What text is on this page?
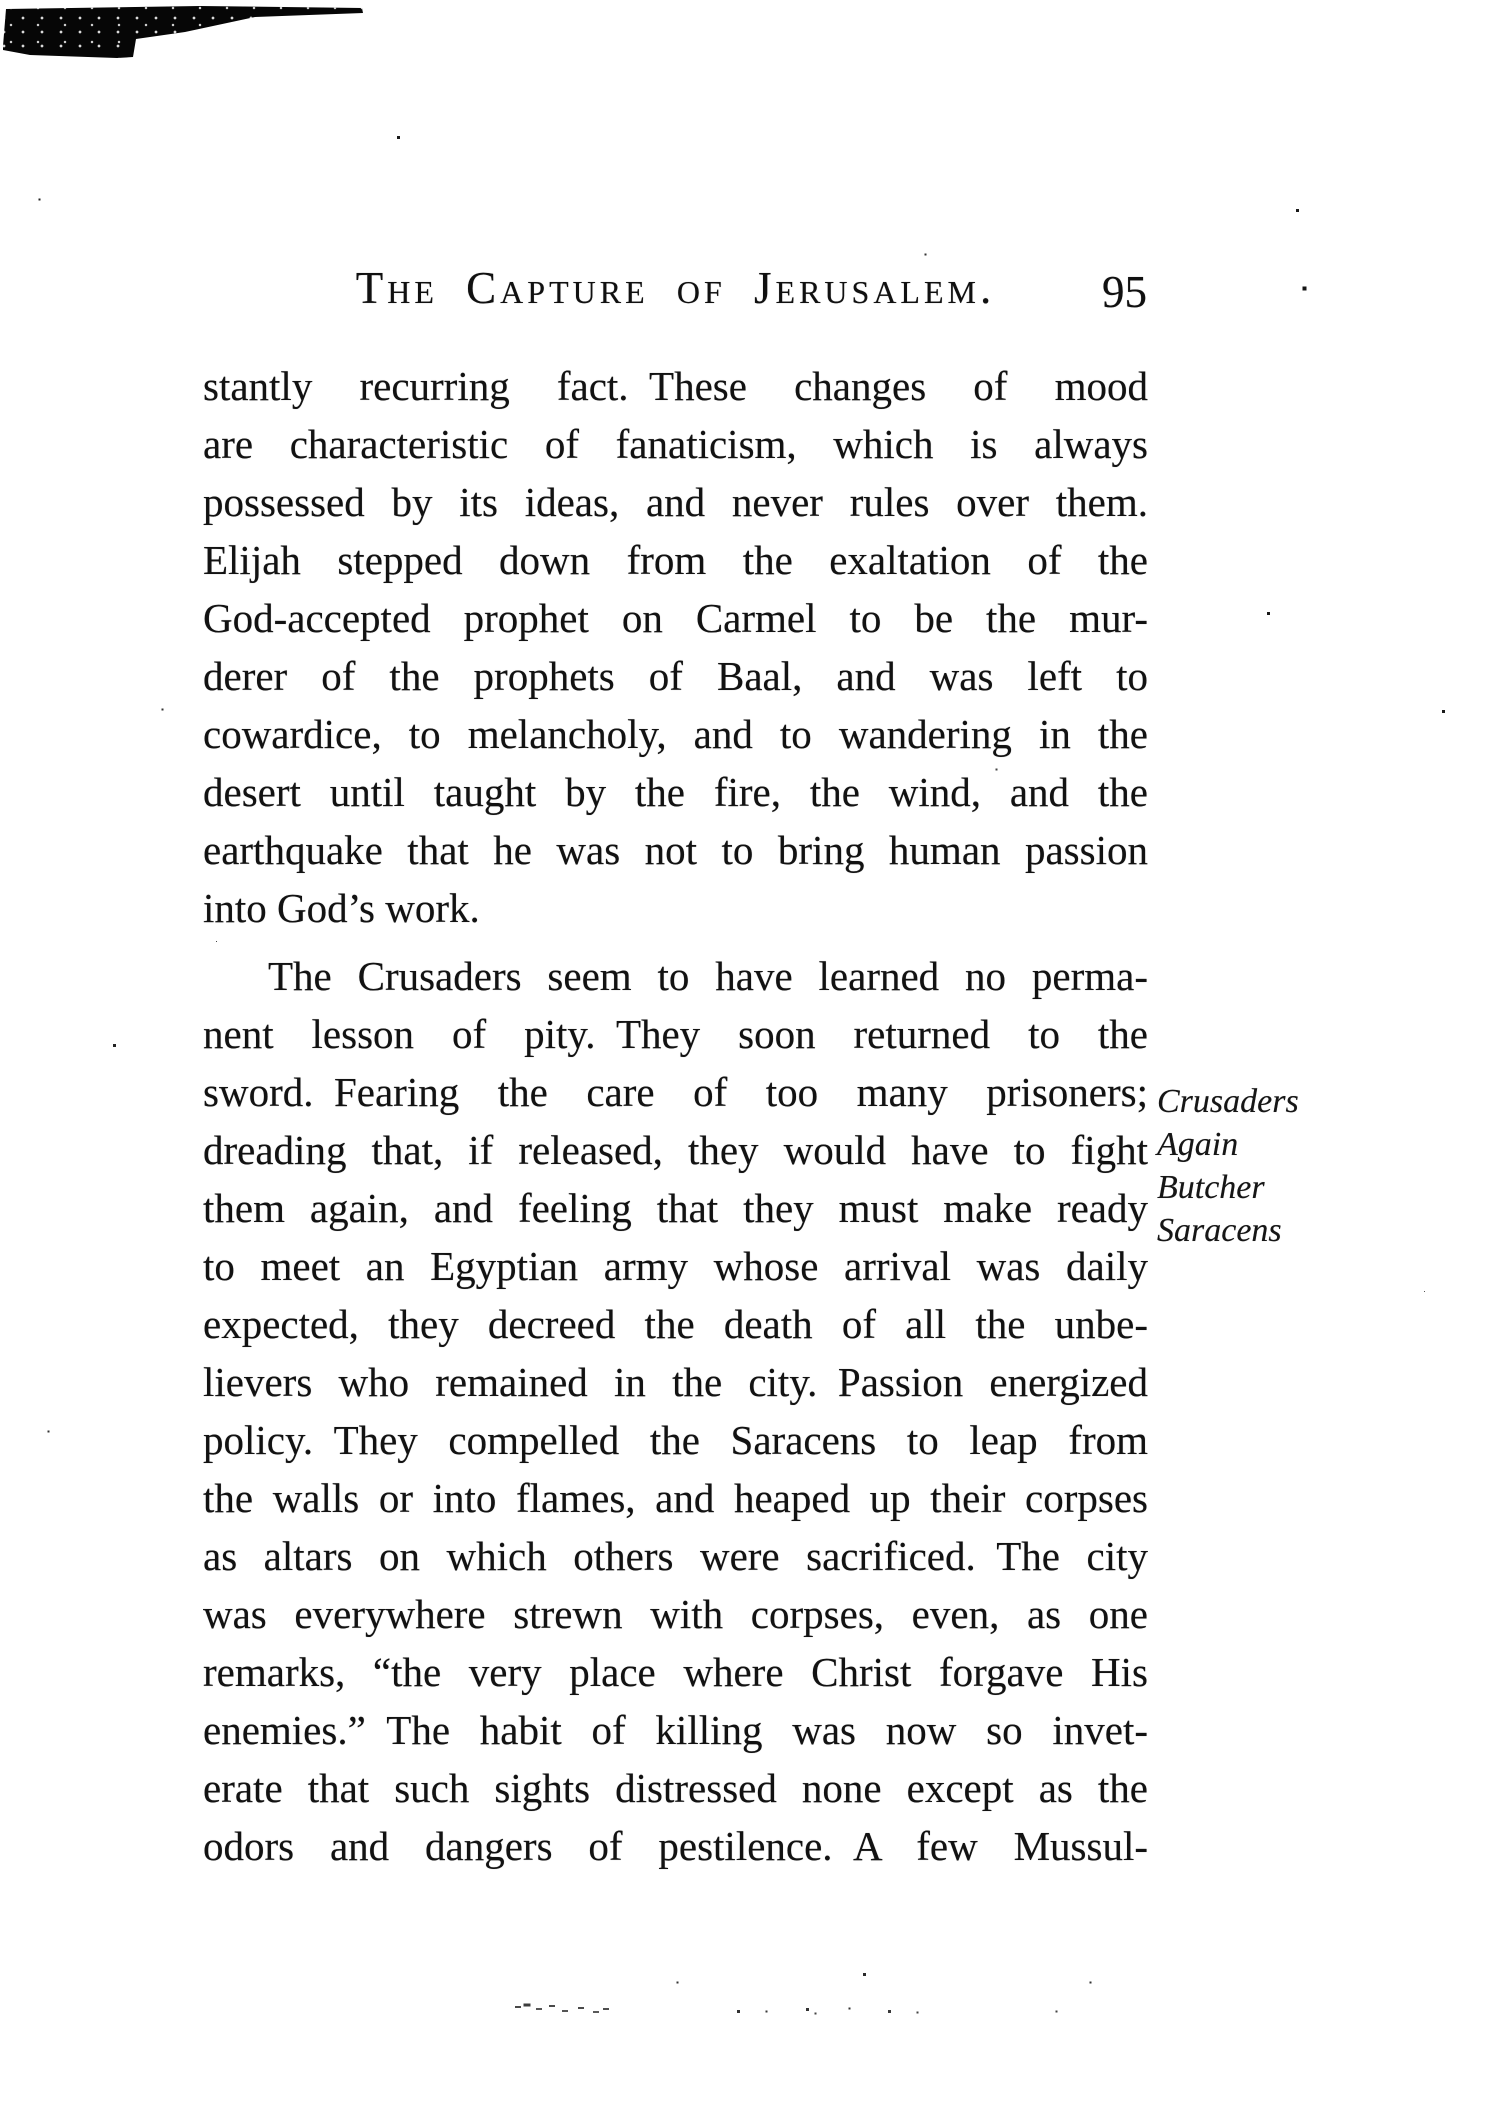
The Capture of Jerusalem.	95
stantly recurring fact. These changes of mood
are characteristic of fanaticism, which is always
possessed by its ideas, and never rules over them.
Elijah stepped down from the exaltation of the
God-accepted prophet on Carmel to be the mur-
derer of the prophets of Baal, and was left to
cowardice, to melancholy, and to wandering in the
desert until taught by the fire, the wind, and the
earthquake that he was not to bring human passion
into God’s work.
The Crusaders seem to have learned no perma-
nent lesson of pity. They soon returned to the
sword. Fearing the care of too many prisoners;
dreading that, if released, they would have to fight
them again, and feeling that they must make ready
to meet an Egyptian army whose arrival was daily
expected, they decreed the death of all the unbe-
lievers who remained in the city. Passion energized
policy. They compelled the Saracens to leap from
the walls or into flames, and heaped up their corpses
as altars on which others were sacrificed. The city
was everywhere strewn with corpses, even, as one
remarks, “the very place where Christ forgave His
enemies.” The habit of killing was now so invet-
erate that such sights distressed none except as the
odors and dangers of pestilence. A few Mussul-
Crusaders
Again
Butcher
Saracens
